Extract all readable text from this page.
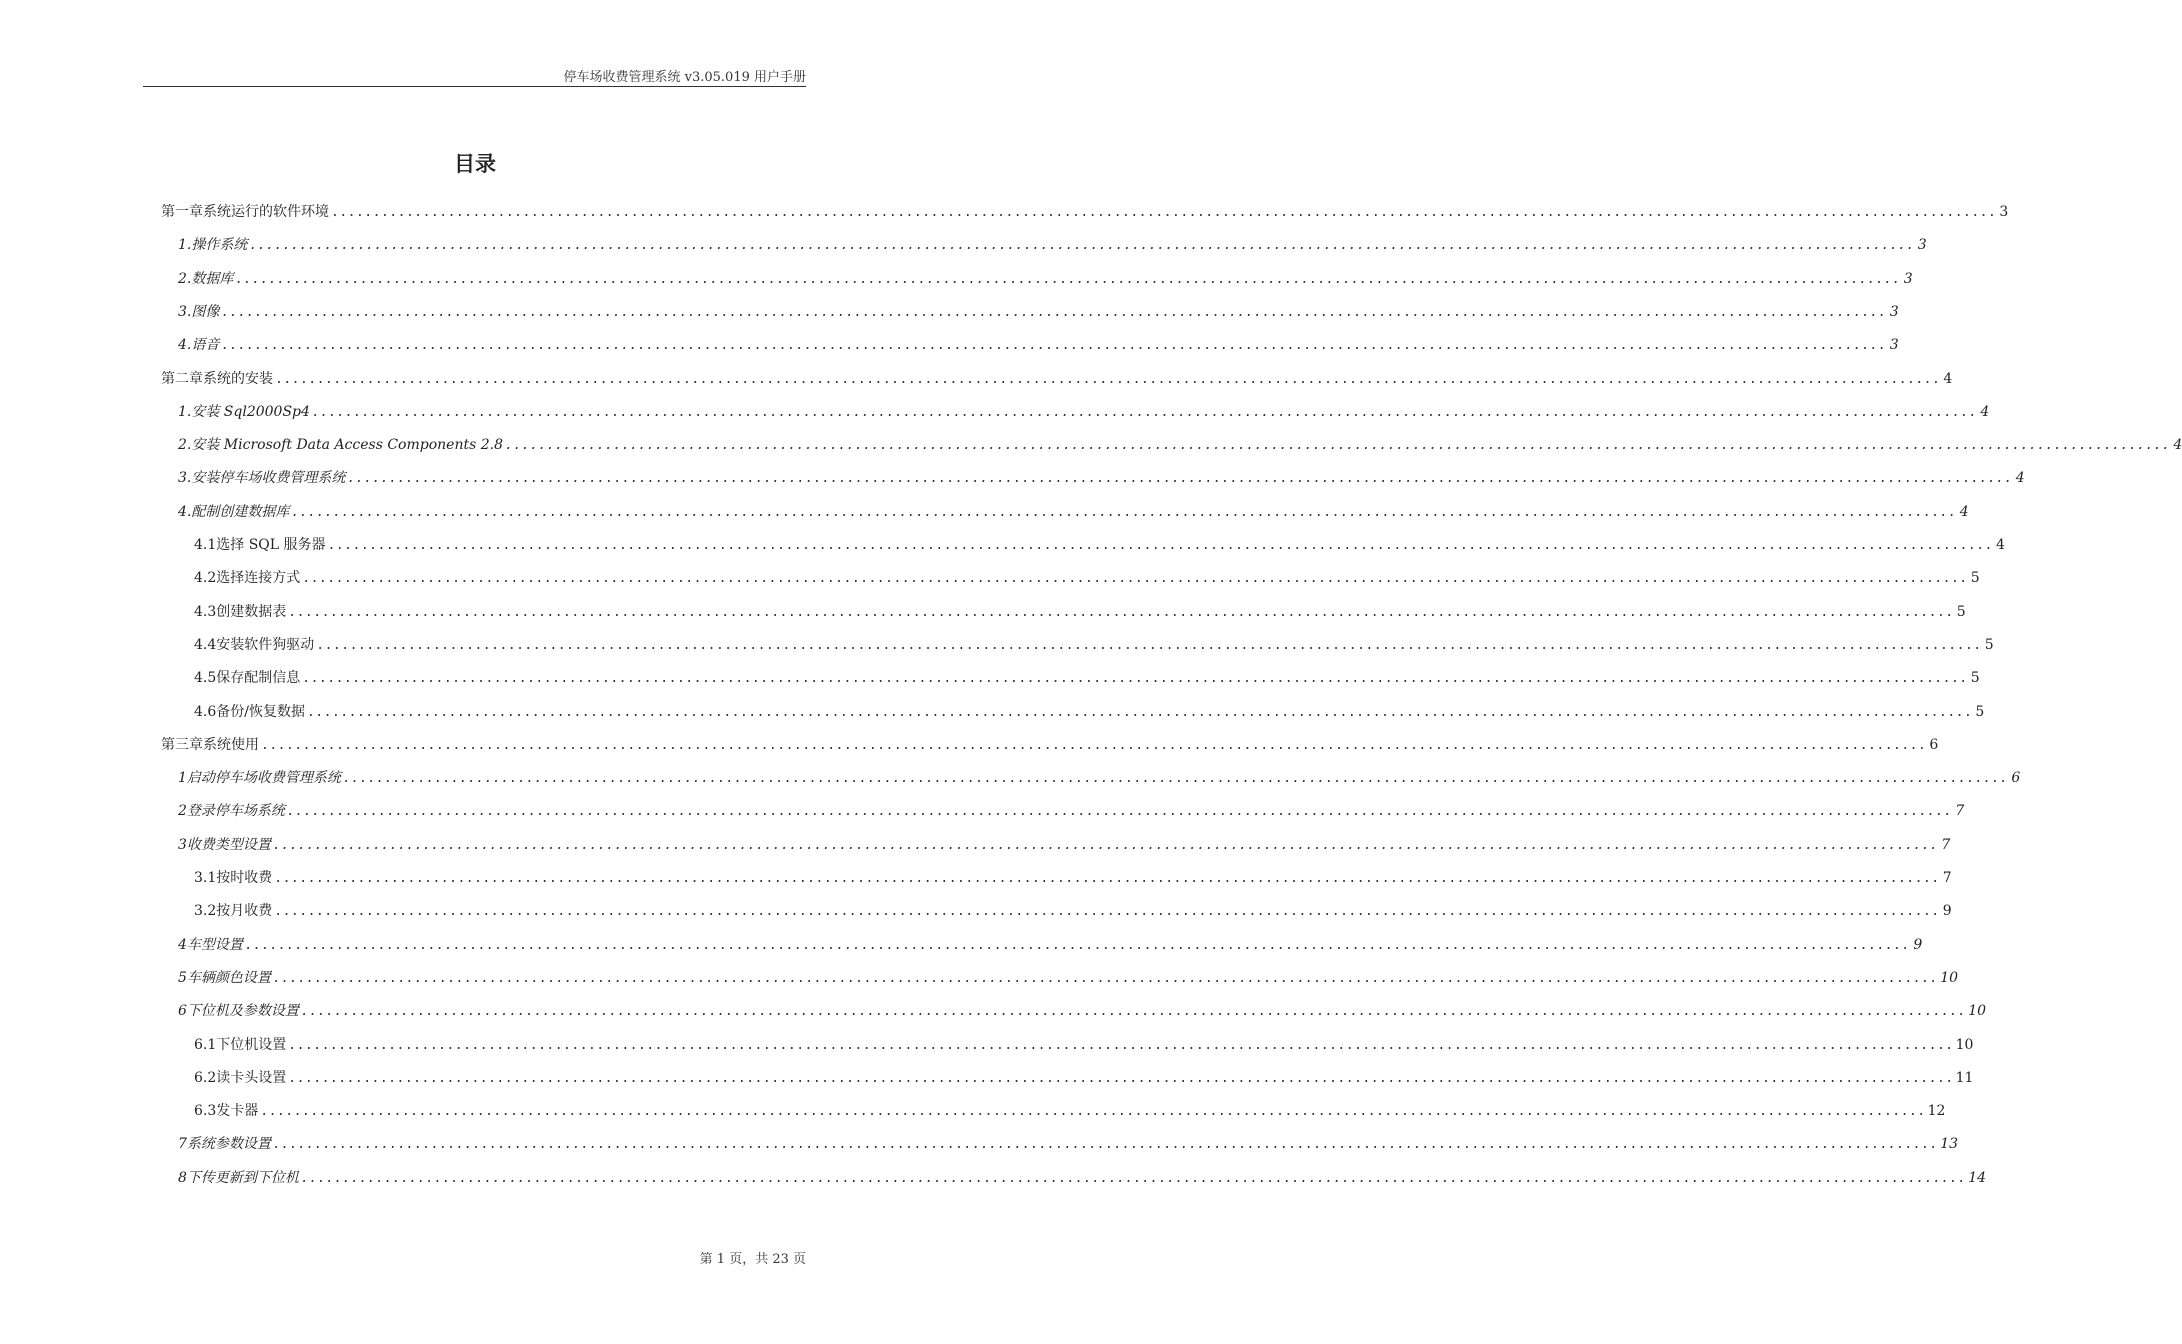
停车场收费管理系统 v3.05.019 用户手册
目录
第一章 系统运行的软件环境 ........................................................................................................................................................................................................ 3
1. 操作系统 ........................................................................................................................................................................................................ 3
2. 数据库 ........................................................................................................................................................................................................ 3
3. 图像 ........................................................................................................................................................................................................ 3
4. 语音 ........................................................................................................................................................................................................ 3
第二章 系统的安装 ........................................................................................................................................................................................................ 4
1. 安装 Sql2000Sp4 ........................................................................................................................................................................................................ 4
2. 安装 Microsoft Data Access Components 2.8 ........................................................................................................................................................................................................ 4
3. 安装停车场收费管理系统 ........................................................................................................................................................................................................ 4
4. 配制创建数据库 ........................................................................................................................................................................................................ 4
4.1 选择 SQL 服务器 ........................................................................................................................................................................................................ 4
4.2 选择连接方式 ........................................................................................................................................................................................................ 5
4.3 创建数据表 ........................................................................................................................................................................................................ 5
4.4 安装软件狗驱动 ........................................................................................................................................................................................................ 5
4.5 保存配制信息 ........................................................................................................................................................................................................ 5
4.6 备份/恢复数据 ........................................................................................................................................................................................................ 5
第三章 系统使用 ........................................................................................................................................................................................................ 6
1 启动停车场收费管理系统 ........................................................................................................................................................................................................ 6
2 登录停车场系统 ........................................................................................................................................................................................................ 7
3 收费类型设置 ........................................................................................................................................................................................................ 7
3.1 按时收费 ........................................................................................................................................................................................................ 7
3.2 按月收费 ........................................................................................................................................................................................................ 9
4 车型设置 ........................................................................................................................................................................................................ 9
5 车辆颜色设置 ........................................................................................................................................................................................................ 10
6 下位机及参数设置 ........................................................................................................................................................................................................ 10
6.1 下位机设置 ........................................................................................................................................................................................................ 10
6.2 读卡头设置 ........................................................................................................................................................................................................ 11
6.3 发卡器 ........................................................................................................................................................................................................ 12
7 系统参数设置 ........................................................................................................................................................................................................ 13
8 下传更新到下位机 ........................................................................................................................................................................................................ 14
第 1 页，共 23 页
